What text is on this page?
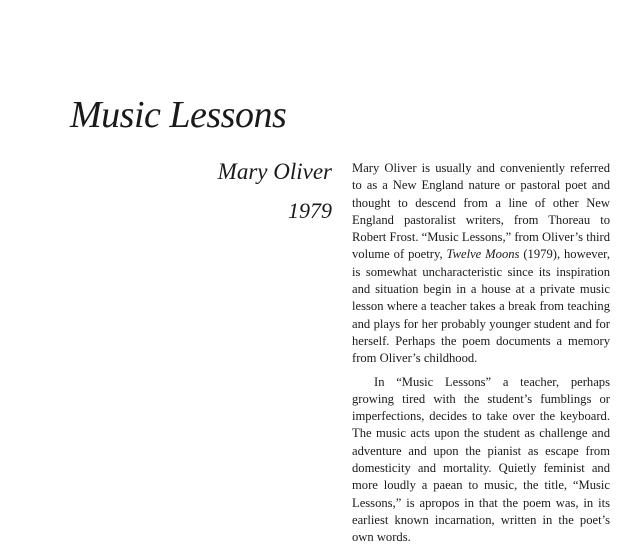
Music Lessons
Mary Oliver
1979

Mary Oliver is usually and conveniently referred to as a New England nature or pastoral poet and thought to descend from a line of other New England pastoralist writers, from Thoreau to Robert Frost. “Music Lessons,” from Oliver’s third volume of poetry, Twelve Moons (1979), however, is somewhat uncharacteristic since its inspiration and situation begin in a house at a private music lesson where a teacher takes a break from teaching and plays for her probably younger student and for herself. Perhaps the poem documents a memory from Oliver’s childhood.

In “Music Lessons” a teacher, perhaps growing tired with the student’s fumblings or imperfections, decides to take over the keyboard. The music acts upon the student as challenge and adventure and upon the pianist as escape from domesticity and mortality. Quietly feminist and more loudly a paean to music, the title, “Music Lessons,” is apropos in that the poem was, in its earliest known incarnation, written in the poet’s own words.
